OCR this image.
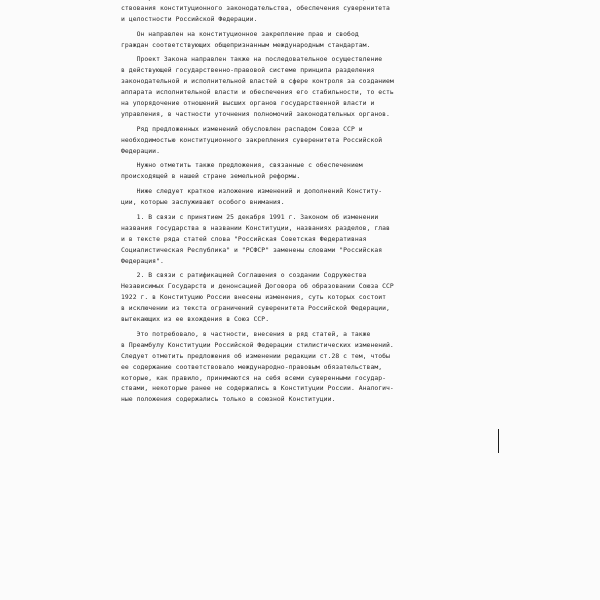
ствования конституционного законодательства, обеспечения суверенитета
и целостности Российской Федерации.
Он направлен на конституционное закрепление прав и свобод
граждан соответствующих общепризнанным международным стандартам.
Проект Закона направлен также на последовательное осуществление
в действующей государственно-правовой системе принципа разделения
законодательной и исполнительной властей в сфере контроля за созданием
аппарата исполнительной власти и обеспечения его стабильности, то есть
на упорядочение отношений высших органов государственной власти и
управления, в частности уточнения полномочий законодательных органов.
Ряд предложенных изменений обусловлен распадом Союза ССР и
необходимостью конституционного закрепления суверенитета Российской
Федерации.
Нужно отметить также предложения, связанные с обеспечением
происходящей в нашей стране земельной реформы.
Ниже следует краткое изложение изменений и дополнений Конститу-
ции, которые заслуживают особого внимания.
1. В связи с принятием 25 декабря 1991 г. Законом об изменении
названия государства в названии Конституции, названиях разделов, глав
и в тексте ряда статей слова "Российская Советская Федеративная
Социалистическая Республика" и "РСФСР" заменены словами "Российская
Федерация".
2. В связи с ратификацией Соглашения о создании Содружества
Независимых Государств и денонсацией Договора об образовании Союза ССР
1922 г. в Конституцию России внесены изменения, суть которых состоит
в исключении из текста ограничений суверенитета Российской Федерации,
вытекающих из ее вхождения в Союз ССР.
Это потребовало, в частности, внесения в ряд статей, а также
в Преамбулу Конституции Российской Федерации стилистических изменений.
Следует отметить предложения об изменении редакции ст.28 с тем, чтобы
ее содержание соответствовало международно-правовым обязательствам,
которые, как правило, принимаются на себя всеми суверенными государ-
ствами, некоторые ранее не содержались в Конституции России. Аналогич-
ные положения содержались только в союзной Конституции.
